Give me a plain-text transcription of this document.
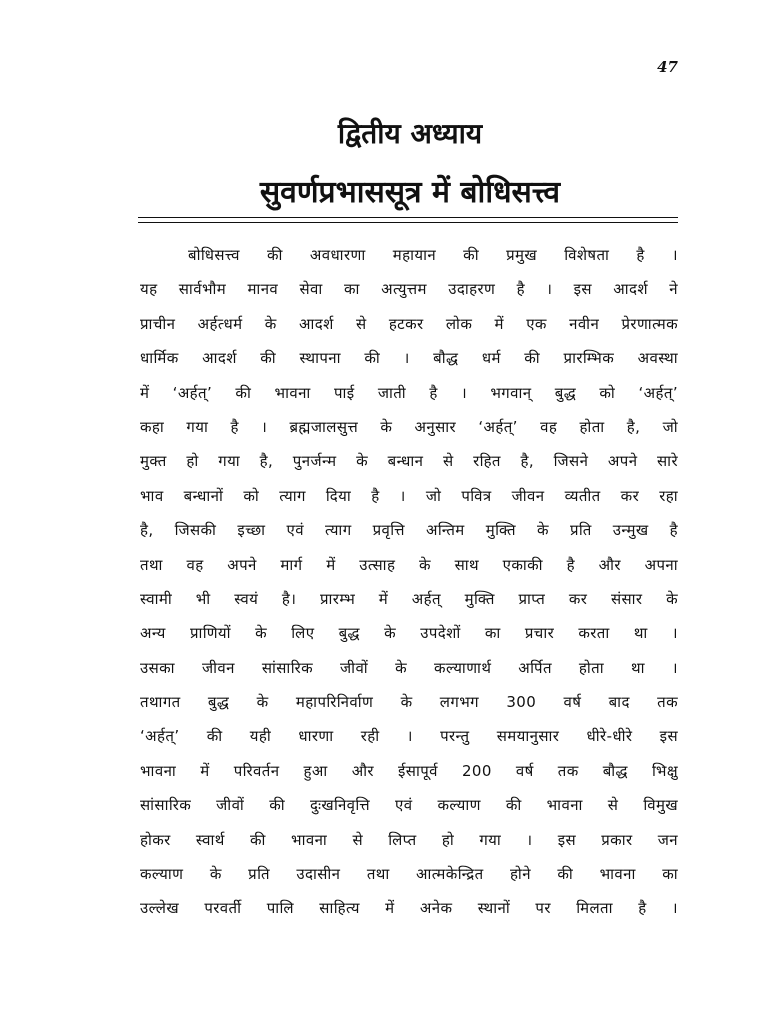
47
द्वितीय अध्याय
सुवर्णप्रभाससूत्र में बोधिसत्त्व
बोधिसत्त्व की अवधारणा महायान की प्रमुख विशेषता है ।
यह सार्वभौम मानव सेवा का अत्युत्तम उदाहरण है । इस आदर्श ने
प्राचीन अर्हत्धर्म के आदर्श से हटकर लोक में एक नवीन प्रेरणात्मक
धार्मिक आदर्श की स्थापना की । बौद्ध धर्म की प्रारम्भिक अवस्था
में ‘अर्हत्’ की भावना पाई जाती है । भगवान् बुद्ध को ‘अर्हत्’
कहा गया है । ब्रह्मजालसुत्त के अनुसार ‘अर्हत्’ वह होता है, जो
मुक्त हो गया है, पुनर्जन्म के बन्धान से रहित है, जिसने अपने सारे
भाव बन्धानों को त्याग दिया है । जो पवित्र जीवन व्यतीत कर रहा
है, जिसकी इच्छा एवं त्याग प्रवृत्ति अन्तिम मुक्ति के प्रति उन्मुख है
तथा वह अपने मार्ग में उत्साह के साथ एकाकी है और अपना
स्वामी भी स्वयं है। प्रारम्भ में अर्हत् मुक्ति प्राप्त कर संसार के
अन्य प्राणियों के लिए बुद्ध के उपदेशों का प्रचार करता था ।
उसका जीवन सांसारिक जीवों के कल्याणार्थ अर्पित होता था ।
तथागत बुद्ध के महापरिनिर्वाण के लगभग 300 वर्ष बाद तक
‘अर्हत्’ की यही धारणा रही । परन्तु समयानुसार धीरे-धीरे इस
भावना में परिवर्तन हुआ और ईसापूर्व 200 वर्ष तक बौद्ध भिक्षु
सांसारिक जीवों की दुःखनिवृत्ति एवं कल्याण की भावना से विमुख
होकर स्वार्थ की भावना से लिप्त हो गया । इस प्रकार जन
कल्याण के प्रति उदासीन तथा आत्मकेन्द्रित होने की भावना का
उल्लेख परवर्ती पालि साहित्य में अनेक स्थानों पर मिलता है ।
